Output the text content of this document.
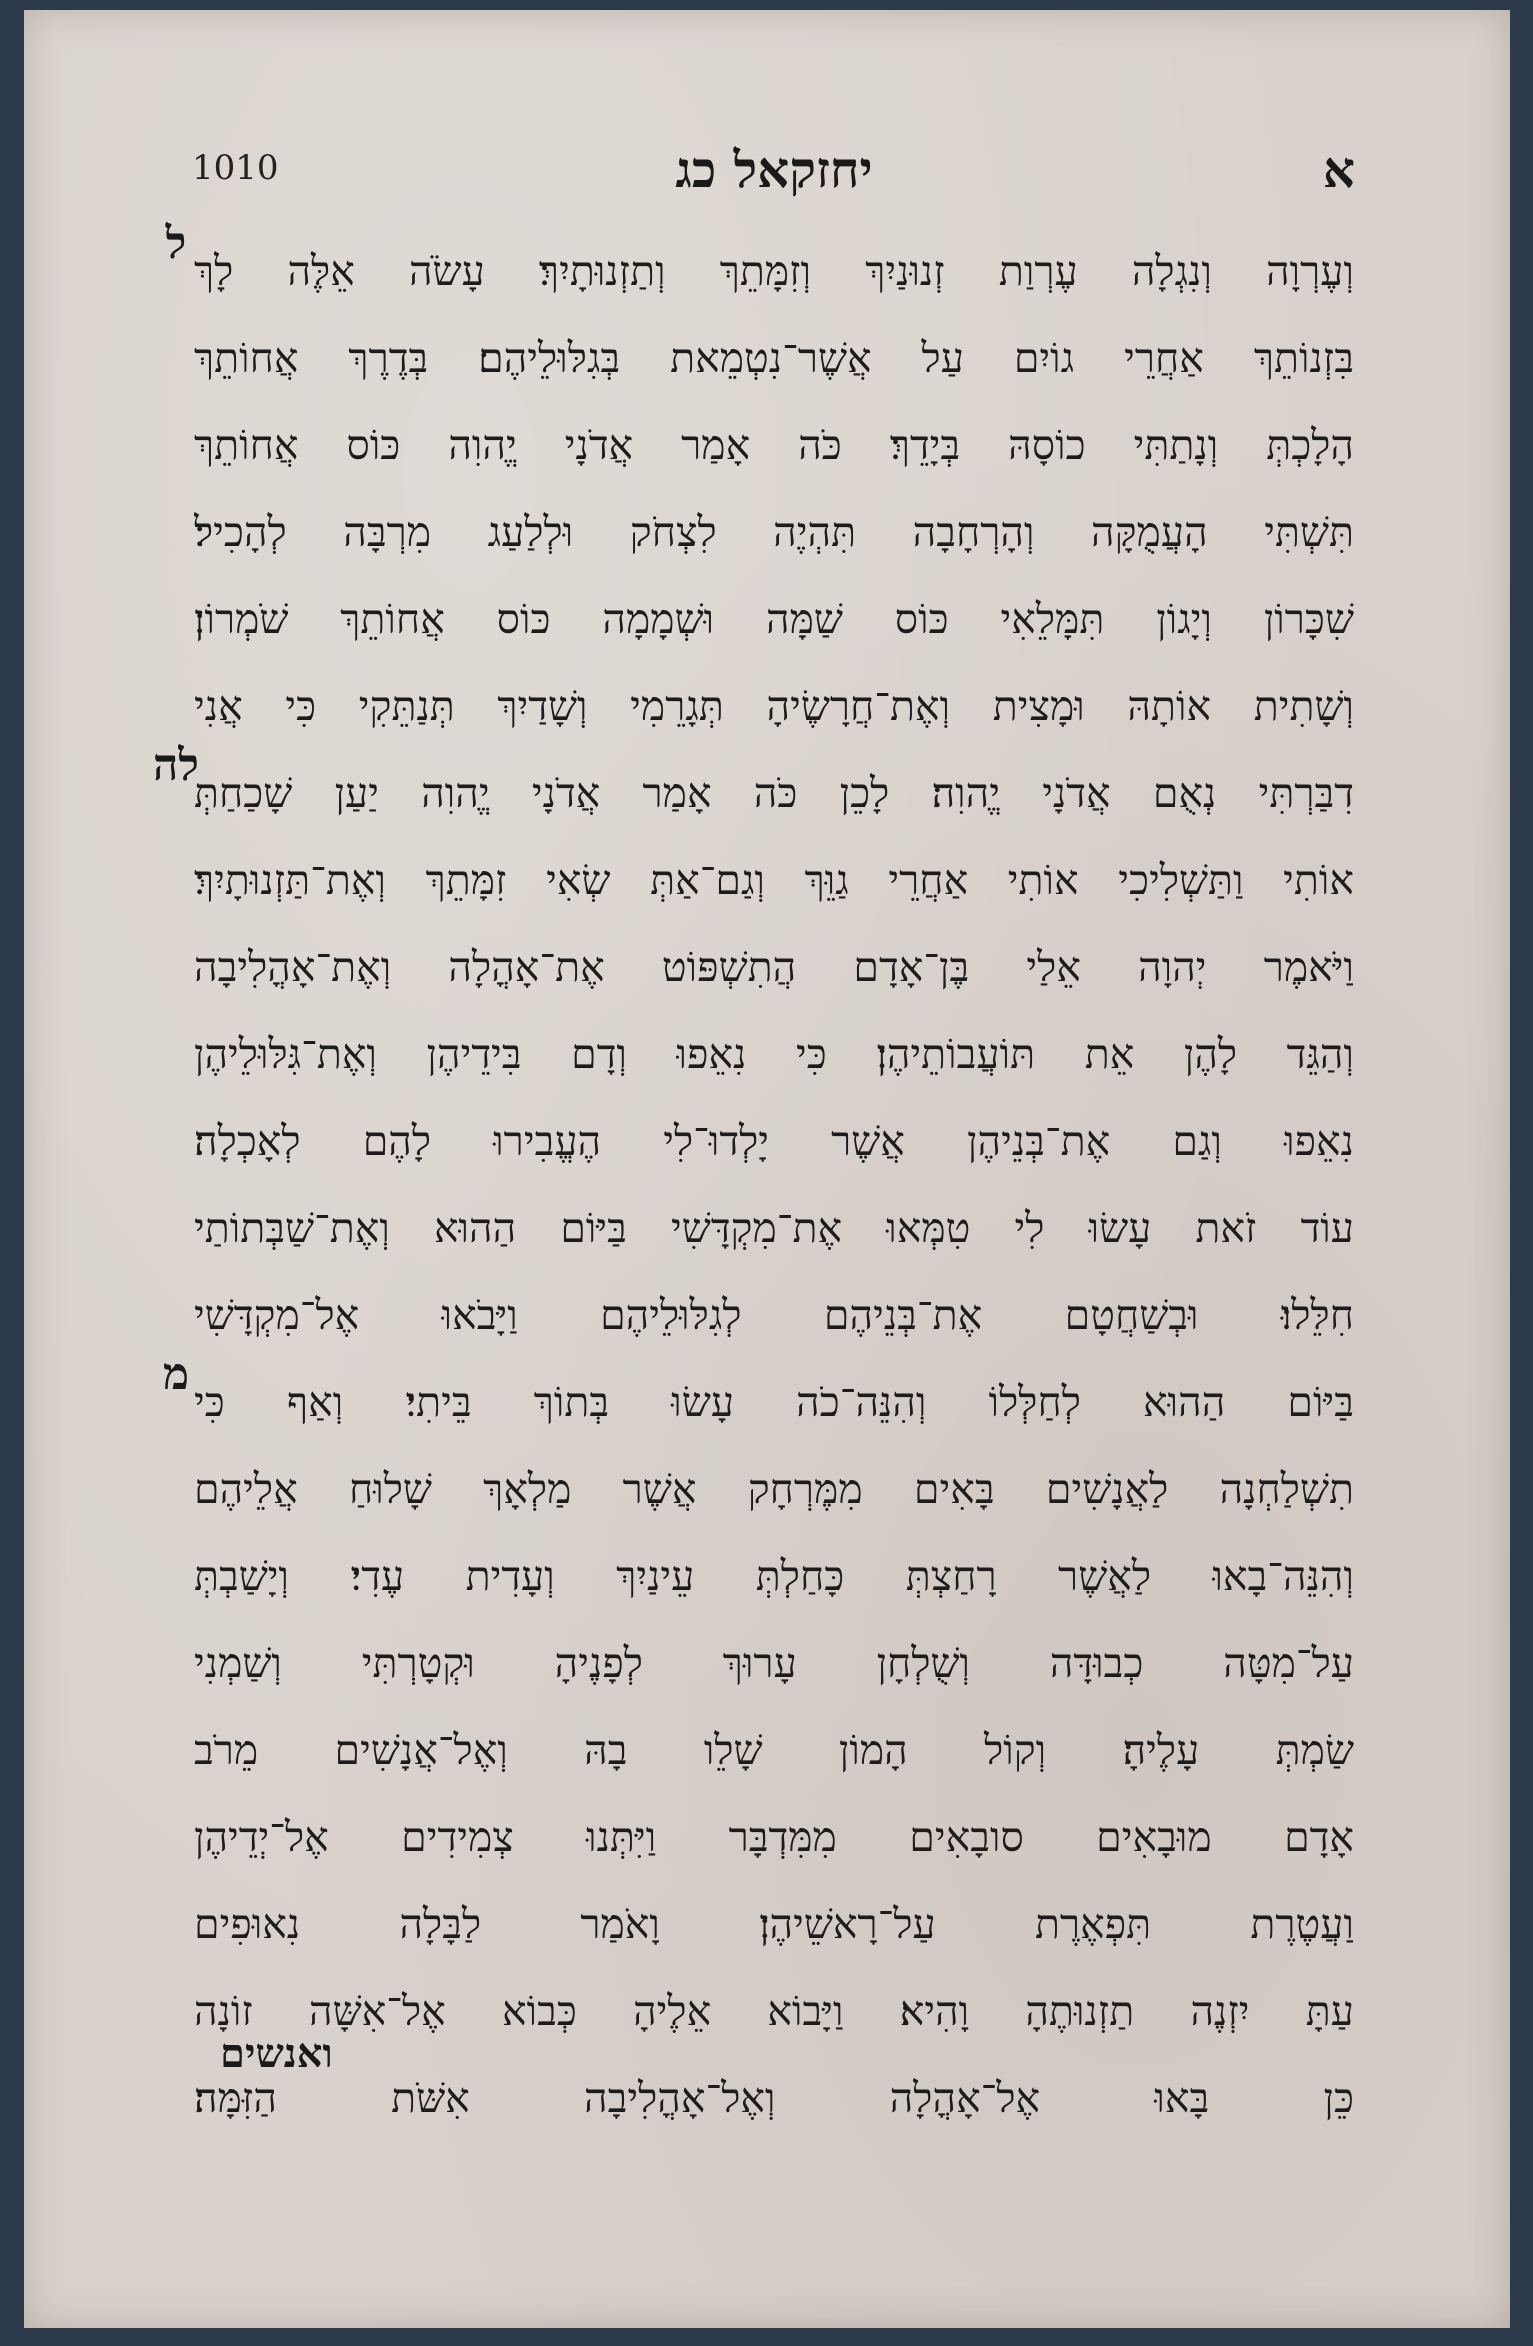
1010	יחזקאל כג	א
ל
לה
מ
וְעֶרְוָה וְנִגְלָה עֶרְוַת זְנוּנַיִךְ וְזִמָּתֵךְ וְתַזְנוּתָיִךְ׃ עָשֹׂה אֵלֶּה לָךְ
בִּזְנוֹתֵךְ אַחֲרֵי גוֹיִם עַל אֲשֶׁר־נִטְמֵאת בְּגִלּוּלֵיהֶם׃ בְּדֶרֶךְ אֲחוֹתֵךְ
הָלָכְתְּ וְנָתַתִּי כוֹסָהּ בְּיָדֵךְ׃ כֹּה אָמַר אֲדֹנָי יֱהוִה כּוֹס אֲחוֹתֵךְ
תִּשְׁתִּי הָעֲמֻקָּה וְהָרְחָבָה תִּהְיֶה לִצְחֹק וּלְלַעַג מִרְבָּה לְהָכִיל׃
שִׁכָּרוֹן וְיָגוֹן תִּמָּלֵאִי כּוֹס שַׁמָּה וּשְׁמָמָה כּוֹס אֲחוֹתֵךְ שֹׁמְרוֹן׃
וְשָׁתִית אוֹתָהּ וּמָצִית וְאֶת־חֲרָשֶׂיהָ תְּגָרֵמִי וְשָׁדַיִךְ תְּנַתֵּקִי כִּי אֲנִי
דִבַּרְתִּי נְאֻם אֲדֹנָי יֱהוִה׃ לָכֵן כֹּה אָמַר אֲדֹנָי יֱהוִה יַעַן שָׁכַחַתְּ
אוֹתִי וַתַּשְׁלִיכִי אוֹתִי אַחֲרֵי גַוֵּךְ וְגַם־אַתְּ שְׂאִי זִמָּתֵךְ וְאֶת־תַּזְנוּתָיִךְ׃
וַיֹּאמֶר יְהוָה אֵלַי בֶּן־אָדָם הֲתִשְׁפּוֹט אֶת־אָהֳלָה וְאֶת־אָהֳלִיבָה
וְהַגֵּד לָהֶן אֵת תּוֹעֲבוֹתֵיהֶן׃ כִּי נִאֵפוּ וְדָם בִּידֵיהֶן וְאֶת־גִּלּוּלֵיהֶן
נִאֵפוּ וְגַם אֶת־בְּנֵיהֶן אֲשֶׁר יָלְדוּ־לִי הֶעֱבִירוּ לָהֶם לְאָכְלָה׃
עוֹד זֹאת עָשׂוּ לִי טִמְּאוּ אֶת־מִקְדָּשִׁי בַּיּוֹם הַהוּא וְאֶת־שַׁבְּתוֹתַי
חִלֵּלוּ׃ וּבְשַׁחֲטָם אֶת־בְּנֵיהֶם לְגִלּוּלֵיהֶם וַיָּבֹאוּ אֶל־מִקְדָּשִׁי
בַּיּוֹם הַהוּא לְחַלְּלוֹ וְהִנֵּה־כֹה עָשׂוּ בְּתוֹךְ בֵּיתִי׃ וְאַף כִּי
תִשְׁלַחְנָה לַאֲנָשִׁים בָּאִים מִמֶּרְחָק אֲשֶׁר מַלְאָךְ שָׁלוּחַ אֲלֵיהֶם
וְהִנֵּה־בָאוּ לַאֲשֶׁר רָחַצְתְּ כָּחַלְתְּ עֵינַיִךְ וְעָדִית עֶדִי׃ וְיָשַׁבְתְּ
עַל־מִטָּה כְבוּדָּה וְשֻׁלְחָן עָרוּךְ לְפָנֶיהָ וּקְטָרְתִּי וְשַׁמְנִי
שַׂמְתְּ עָלֶיהָ׃ וְקוֹל הָמוֹן שָׁלֵו בָהּ וְאֶל־אֲנָשִׁים מֵרֹב
אָדָם מוּבָאִים סובָאִים מִמִּדְבָּר וַיִּתְּנוּ צְמִידִים אֶל־יְדֵיהֶן
וַעֲטֶרֶת תִּפְאֶרֶת עַל־רָאשֵׁיהֶן׃ וָאֹמַר לַבָּלָה נִאוּפִים
עַתָּ יִזְנֶה תַזְנוּתֶהָ וָהִיא׃ וַיָּבוֹא אֵלֶיהָ כְּבוֹא אֶל־אִשָּׁה זוֹנָה
כֵּן בָּאוּ אֶל־אָהֳלָה וְאֶל־אָהֳלִיבָה אִשֹּׁת הַזִּמָּה׃
ואנשים
